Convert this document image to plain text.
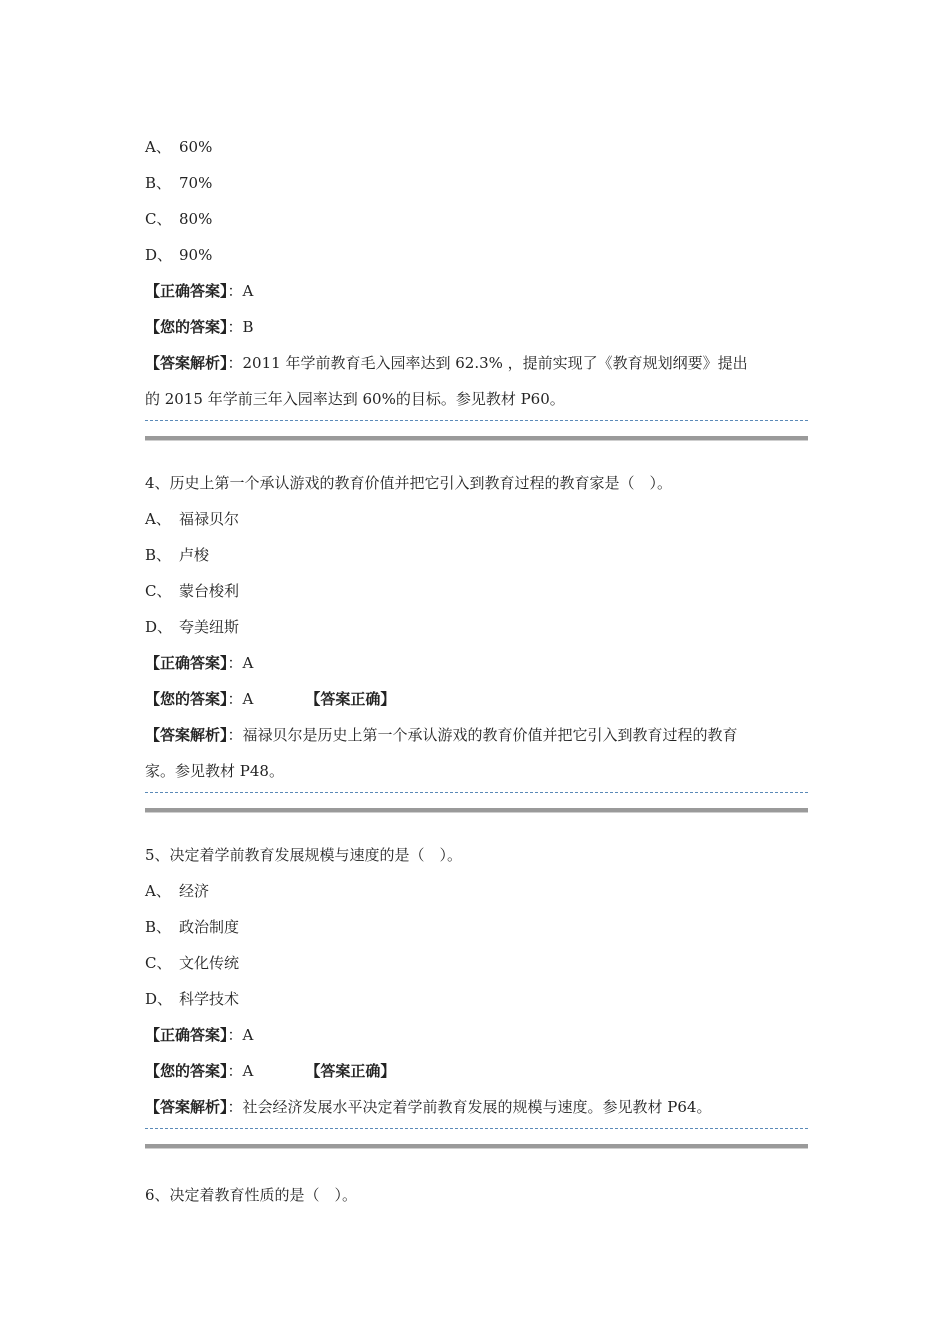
A、 60%
B、 70%
C、 80%
D、 90%
【正确答案】：A
【您的答案】：B
【答案解析】：2011 年学前教育毛入园率达到 62.3% ，提前实现了《教育规划纲要》提出
的 2015 年学前三年入园率达到 60%的目标。参见教材 P60。
4、历史上第一个承认游戏的教育价值并把它引入到教育过程的教育家是（　）。
A、 福禄贝尔
B、 卢梭
C、 蒙台梭利
D、 夸美纽斯
【正确答案】：A
【您的答案】：A	【答案正确】
【答案解析】：福禄贝尔是历史上第一个承认游戏的教育价值并把它引入到教育过程的教育
家。参见教材 P48。
5、决定着学前教育发展规模与速度的是（　）。
A、 经济
B、 政治制度
C、 文化传统
D、 科学技术
【正确答案】：A
【您的答案】：A	【答案正确】
【答案解析】：社会经济发展水平决定着学前教育发展的规模与速度。参见教材 P64。
6、决定着教育性质的是（　）。
